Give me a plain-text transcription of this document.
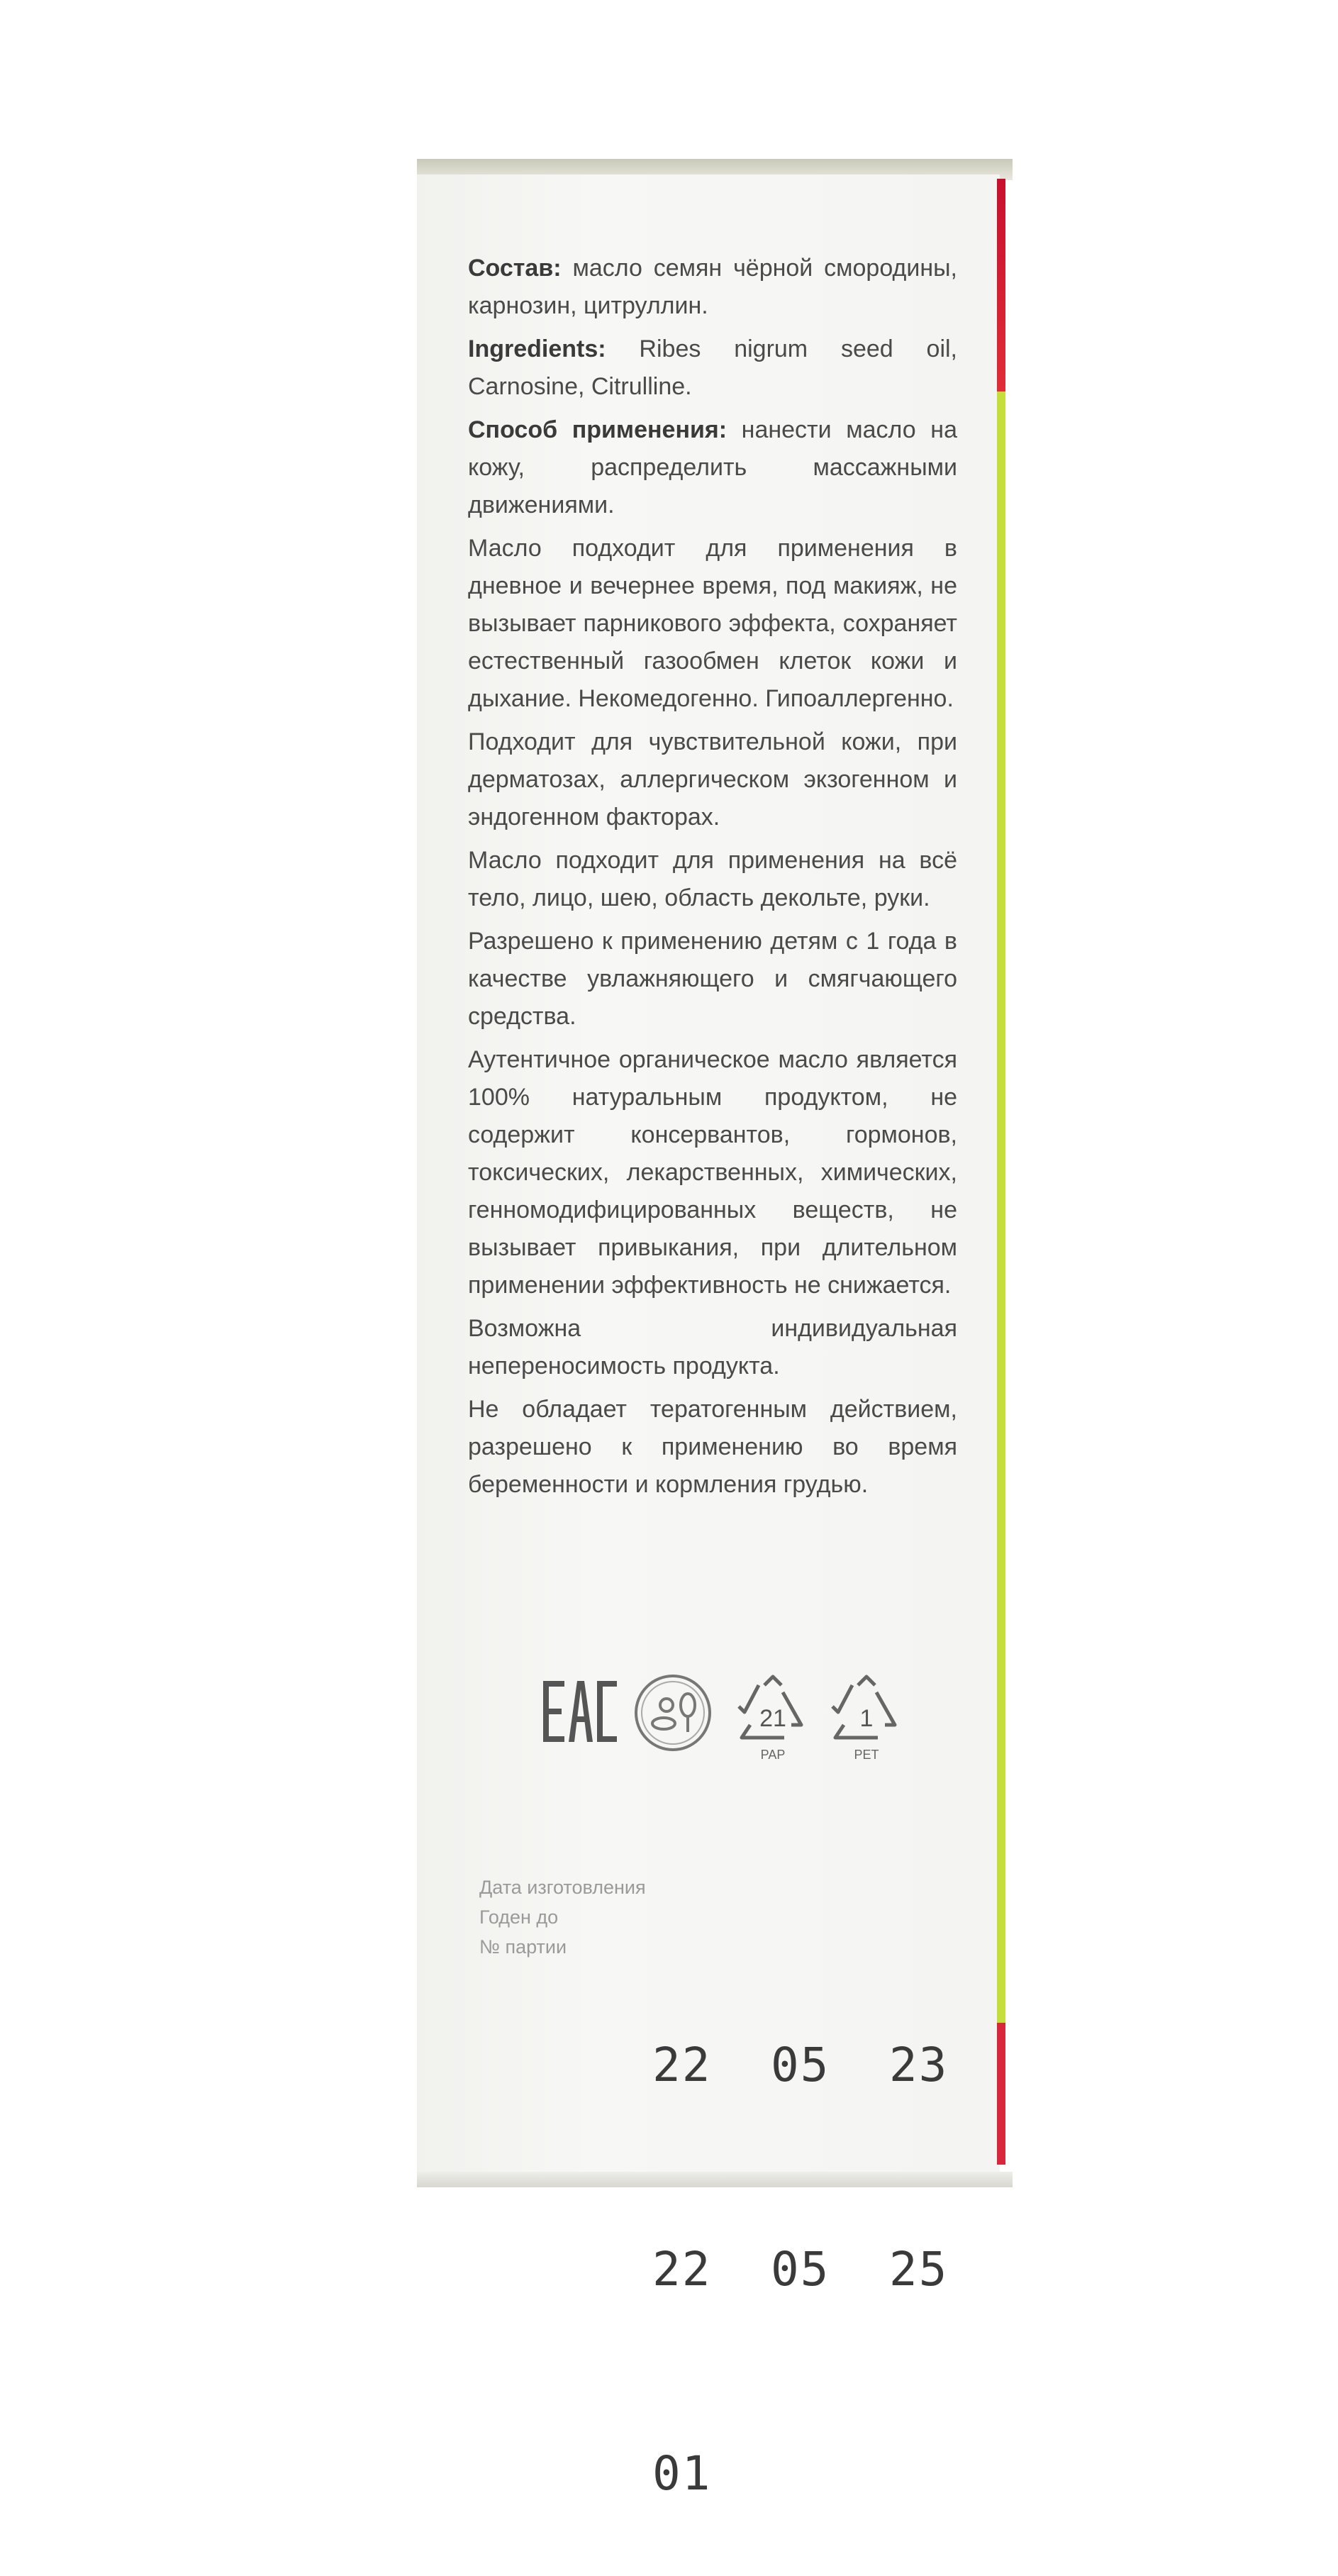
Состав: масло семян чёрной смородины, карнозин, цитруллин.

Ingredients: Ribes nigrum seed oil, Carnosine, Citrulline.

Способ применения: нанести масло на кожу, распределить массажными движениями.

Масло подходит для применения в дневное и вечернее время, под макияж, не вызывает парникового эффекта, сохраняет естественный газообмен клеток кожи и дыхание. Некомедогенно. Гипоаллергенно.

Подходит для чувствительной кожи, при дерматозах, аллергическом экзогенном и эндогенном факторах.

Масло подходит для применения на всё тело, лицо, шею, область декольте, руки.

Разрешено к применению детям с 1 года в качестве увлажняющего и смягчающего средства.

Аутентичное органическое масло является 100% натуральным продуктом, не содержит консервантов, гормонов, токсических, лекарственных, химических, генномодифицированных веществ, не вызывает привыкания, при длительном применении эффективность не снижается.

Возможна индивидуальная непереносимость продукта.

Не обладает тератогенным действием, разрешено к применению во время беременности и кормления грудью.

21
PAP
1
PET
Дата изготовления
Годен до
№ партии

22  05  23

22  05  25

01
